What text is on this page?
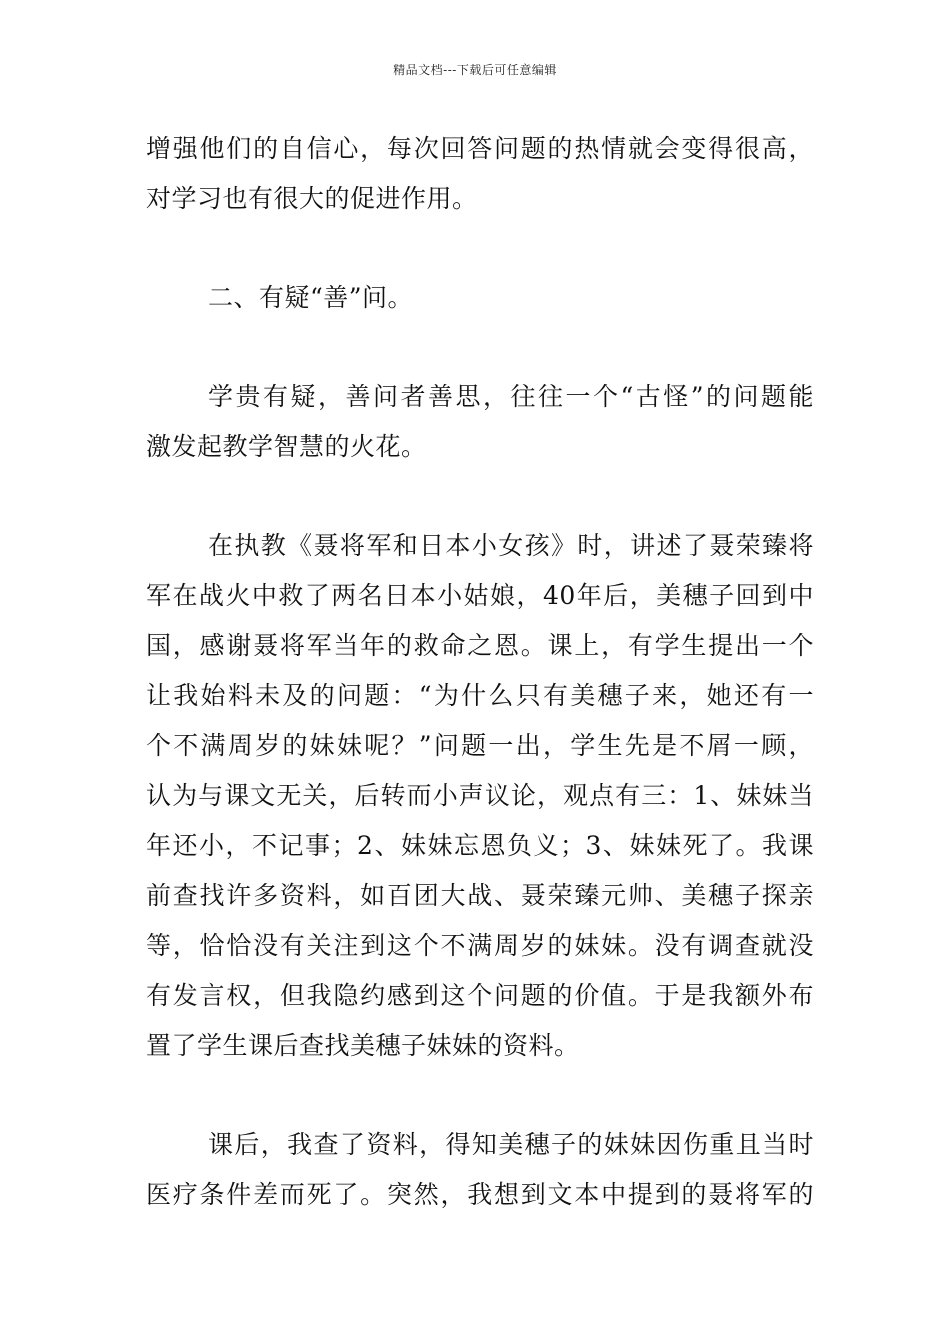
精品文档---下载后可任意编辑
增强他们的自信心，每次回答问题的热情就会变得很高，
对学习也有很大的促进作用。
二、有疑“善”问。
学贵有疑，善问者善思，往往一个“古怪”的问题能
激发起教学智慧的火花。
在执教《聂将军和日本小女孩》时，讲述了聂荣臻将
军在战火中救了两名日本小姑娘，40年后，美穗子回到中
国，感谢聂将军当年的救命之恩。课上，有学生提出一个
让我始料未及的问题：“为什么只有美穗子来，她还有一
个不满周岁的妹妹呢？”问题一出，学生先是不屑一顾，
认为与课文无关，后转而小声议论，观点有三：1、妹妹当
年还小，不记事；2、妹妹忘恩负义；3、妹妹死了。我课
前查找许多资料，如百团大战、聂荣臻元帅、美穗子探亲
等，恰恰没有关注到这个不满周岁的妹妹。没有调查就没
有发言权，但我隐约感到这个问题的价值。于是我额外布
置了学生课后查找美穗子妹妹的资料。
课后，我查了资料，得知美穗子的妹妹因伤重且当时
医疗条件差而死了。突然，我想到文本中提到的聂将军的
